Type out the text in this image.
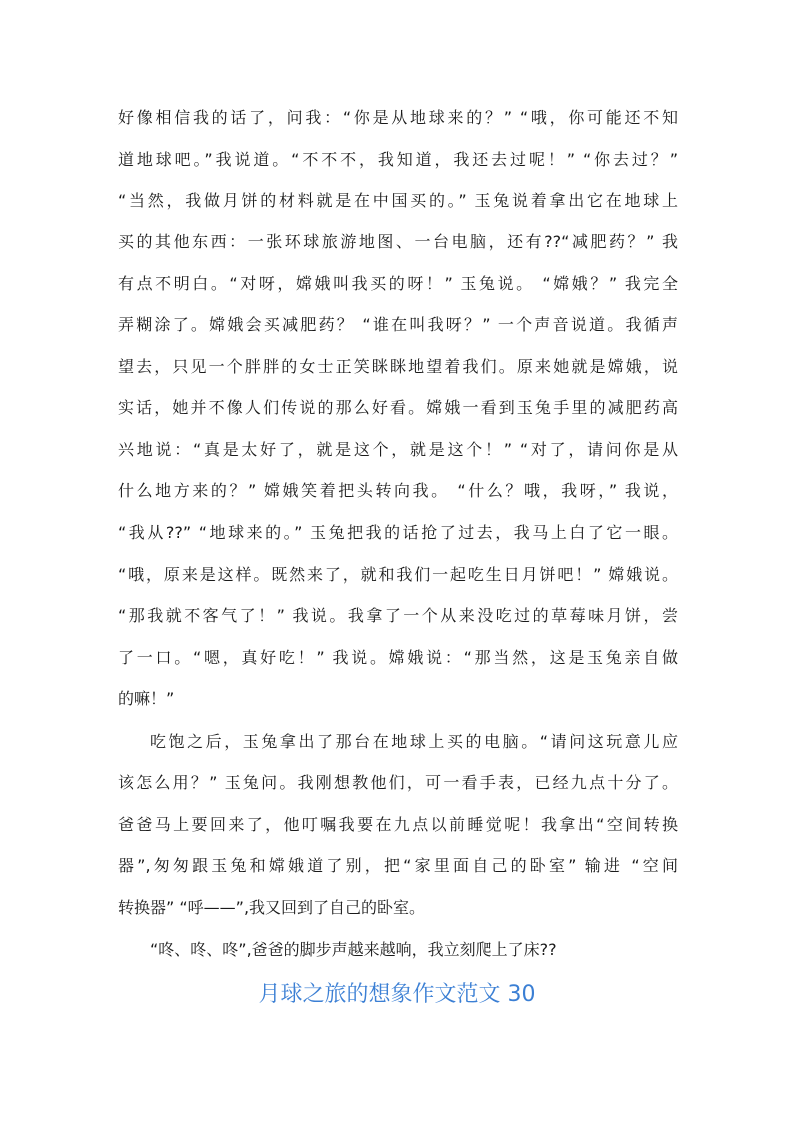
好像相信我的话了，问我：“你是从地球来的？” “哦，你可能还不知
道地球吧。”我说道。“不不不，我知道，我还去过呢！” “你去过？”
“当然，我做月饼的材料就是在中国买的。” 玉兔说着拿出它在地球上
买的其他东西：一张环球旅游地图、一台电脑，还有??“减肥药？” 我
有点不明白。“对呀，嫦娥叫我买的呀！” 玉兔说。 “嫦娥？” 我完全
弄糊涂了。嫦娥会买减肥药？ “谁在叫我呀？” 一个声音说道。我循声
望去，只见一个胖胖的女士正笑眯眯地望着我们。原来她就是嫦娥，说
实话，她并不像人们传说的那么好看。嫦娥一看到玉兔手里的减肥药高
兴地说：“真是太好了，就是这个，就是这个！” “对了，请问你是从
什么地方来的？” 嫦娥笑着把头转向我。 “什么？哦，我呀，” 我说，
“我从??” “地球来的。” 玉兔把我的话抢了过去，我马上白了它一眼。
“哦，原来是这样。既然来了，就和我们一起吃生日月饼吧！” 嫦娥说。
“那我就不客气了！” 我说。我拿了一个从来没吃过的草莓味月饼，尝
了一口。“嗯，真好吃！” 我说。嫦娥说：“那当然，这是玉兔亲自做
的嘛！”
吃饱之后，玉兔拿出了那台在地球上买的电脑。“请问这玩意儿应
该怎么用？” 玉兔问。我刚想教他们，可一看手表，已经九点十分了。
爸爸马上要回来了，他叮嘱我要在九点以前睡觉呢！我拿出“空间转换
器”,匆匆跟玉兔和嫦娥道了别，把“家里面自己的卧室” 输进 “空间
转换器” “呼——”,我又回到了自己的卧室。
“咚、咚、咚”,爸爸的脚步声越来越响，我立刻爬上了床??
月球之旅的想象作文范文 30
